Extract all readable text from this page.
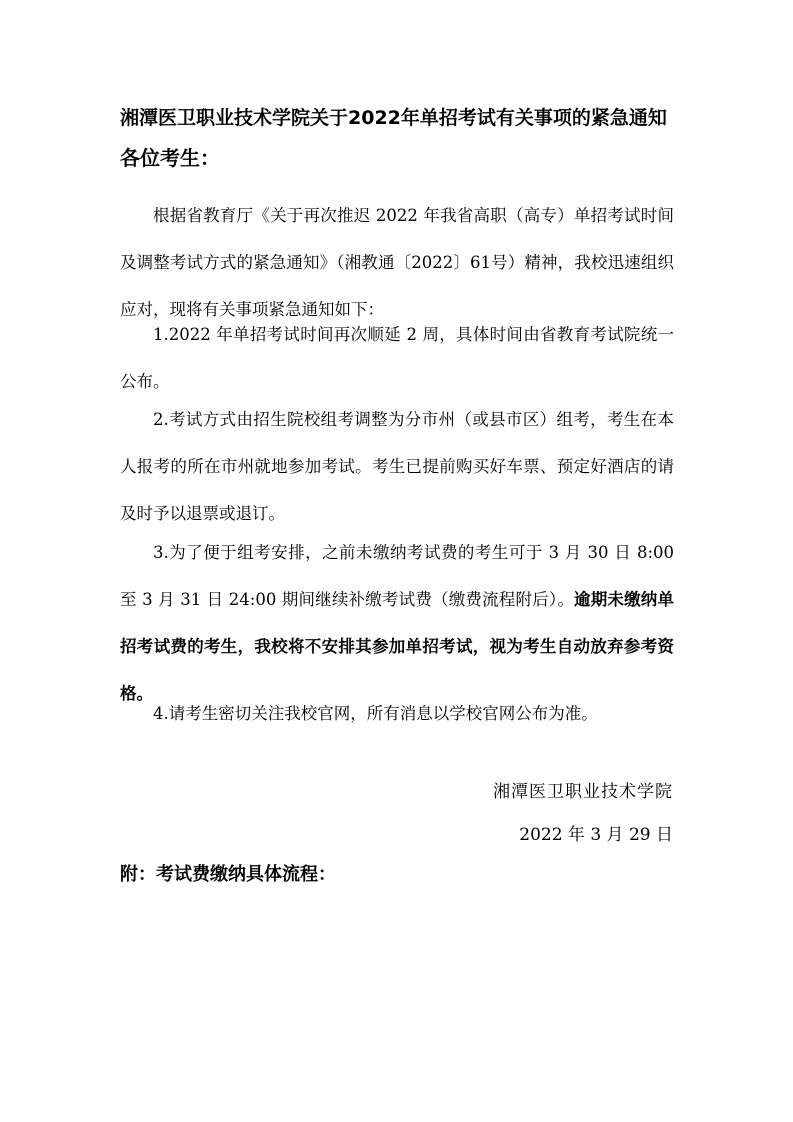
湘潭医卫职业技术学院关于2022年单招考试有关事项的紧急通知
各位考生：

根据省教育厅《关于再次推迟 2022 年我省高职（高专）单招考试时间及调整考试方式的紧急通知》（湘教通〔2022〕61号）精神，我校迅速组织应对，现将有关事项紧急通知如下：

1.2022 年单招考试时间再次顺延 2 周，具体时间由省教育考试院统一公布。

2.考试方式由招生院校组考调整为分市州（或县市区）组考，考生在本人报考的所在市州就地参加考试。考生已提前购买好车票、预定好酒店的请及时予以退票或退订。

3.为了便于组考安排，之前未缴纳考试费的考生可于 3 月 30 日 8:00 至 3 月 31 日 24:00 期间继续补缴考试费（缴费流程附后）。逾期未缴纳单招考试费的考生，我校将不安排其参加单招考试，视为考生自动放弃参考资格。

4.请考生密切关注我校官网，所有消息以学校官网公布为准。

湘潭医卫职业技术学院
2022 年 3 月 29 日
附：考试费缴纳具体流程：
